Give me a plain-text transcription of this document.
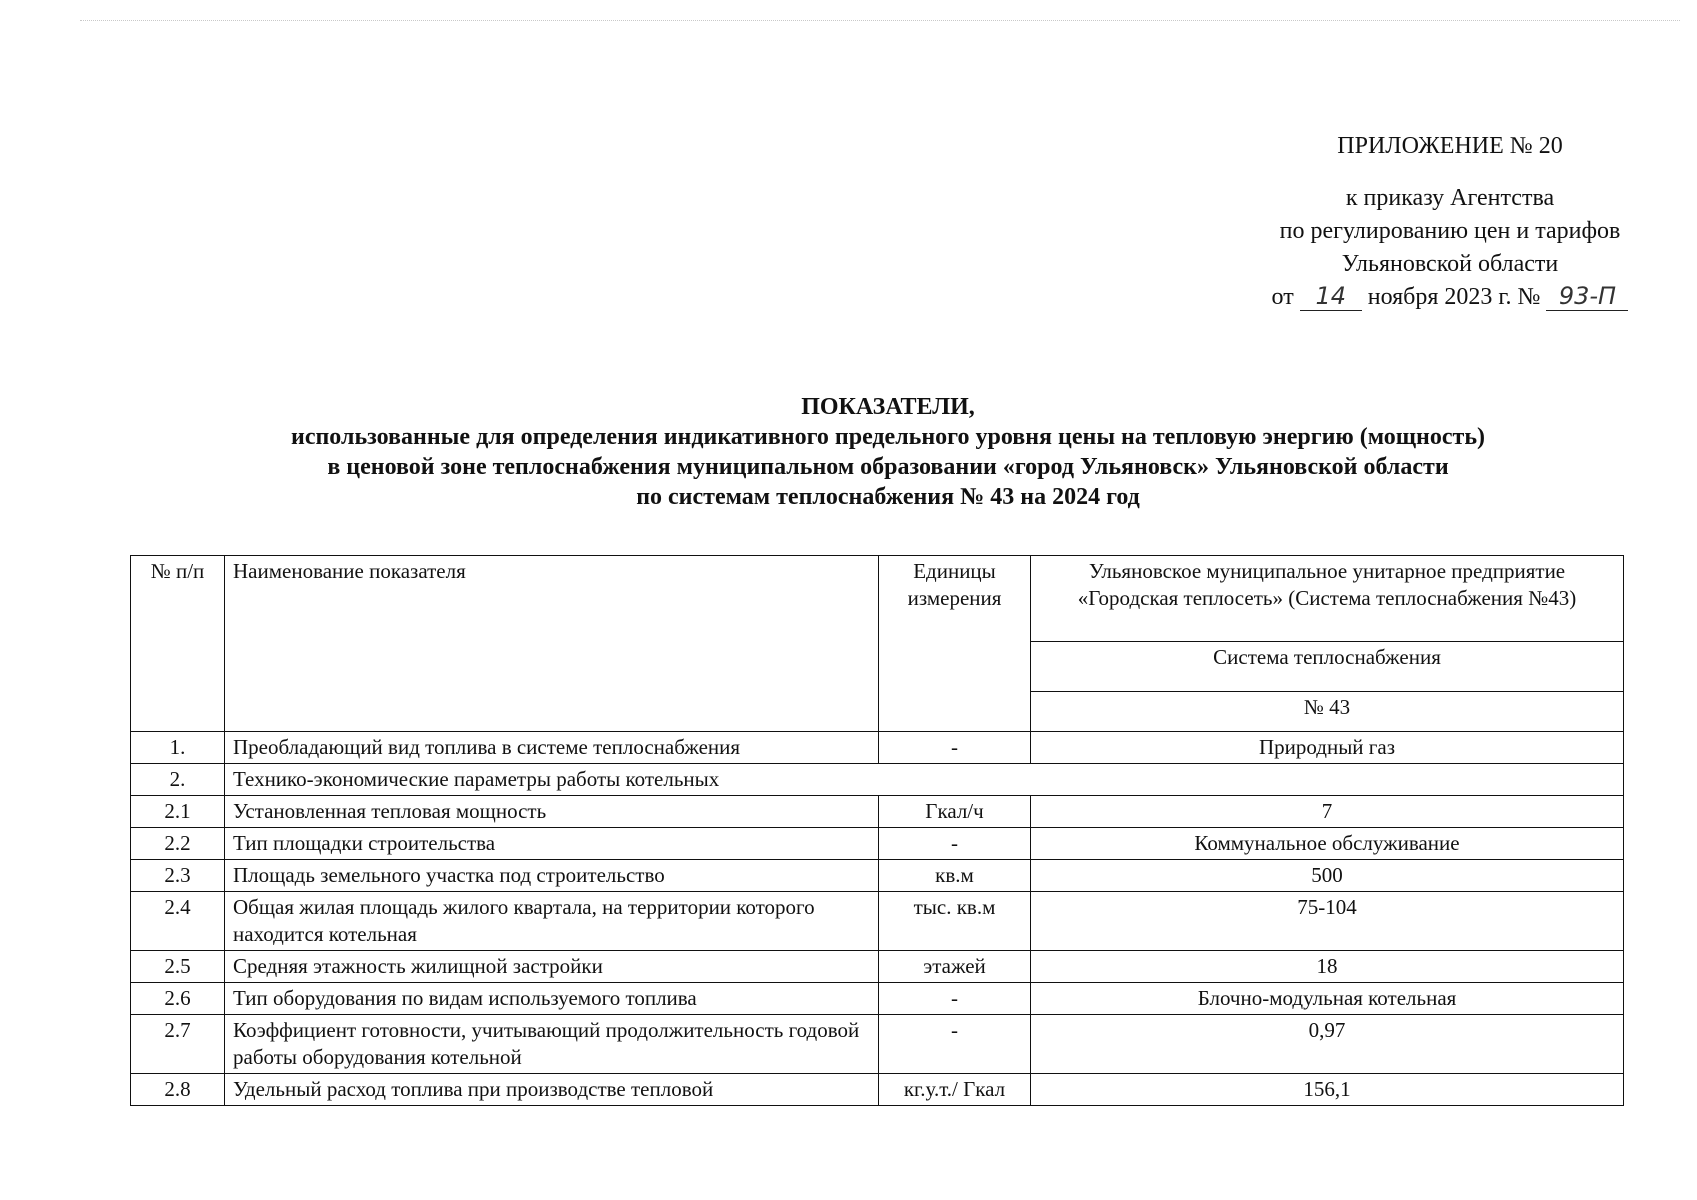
ПРИЛОЖЕНИЕ № 20
к приказу Агентства
по регулированию цен и тарифов
Ульяновской области
от 14 ноября 2023 г. № 93-П
ПОКАЗАТЕЛИ,
использованные для определения индикативного предельного уровня цены на тепловую энергию (мощность)
в ценовой зоне теплоснабжения муниципальном образовании «город Ульяновск» Ульяновской области
по системам теплоснабжения № 43 на 2024 год
№ п/п	Наименование показателя	Единицы измерения	Ульяновское муниципальное унитарное предприятие «Городская теплосеть» (Система теплоснабжения №43)
			Система теплоснабжения
			№ 43
1.	Преобладающий вид топлива в системе теплоснабжения	-	Природный газ
2.	Технико-экономические параметры работы котельных		
2.1	Установленная тепловая мощность	Гкал/ч	7
2.2	Тип площадки строительства	-	Коммунальное обслуживание
2.3	Площадь земельного участка под строительство	кв.м	500
2.4	Общая жилая площадь жилого квартала, на территории которого находится котельная	тыс. кв.м	75-104
2.5	Средняя этажность жилищной застройки	этажей	18
2.6	Тип оборудования по видам используемого топлива	-	Блочно-модульная котельная
2.7	Коэффициент готовности, учитывающий продолжительность годовой работы оборудования котельной	-	0,97
2.8	Удельный расход топлива при производстве тепловой	кг.у.т./ Гкал	156,1
